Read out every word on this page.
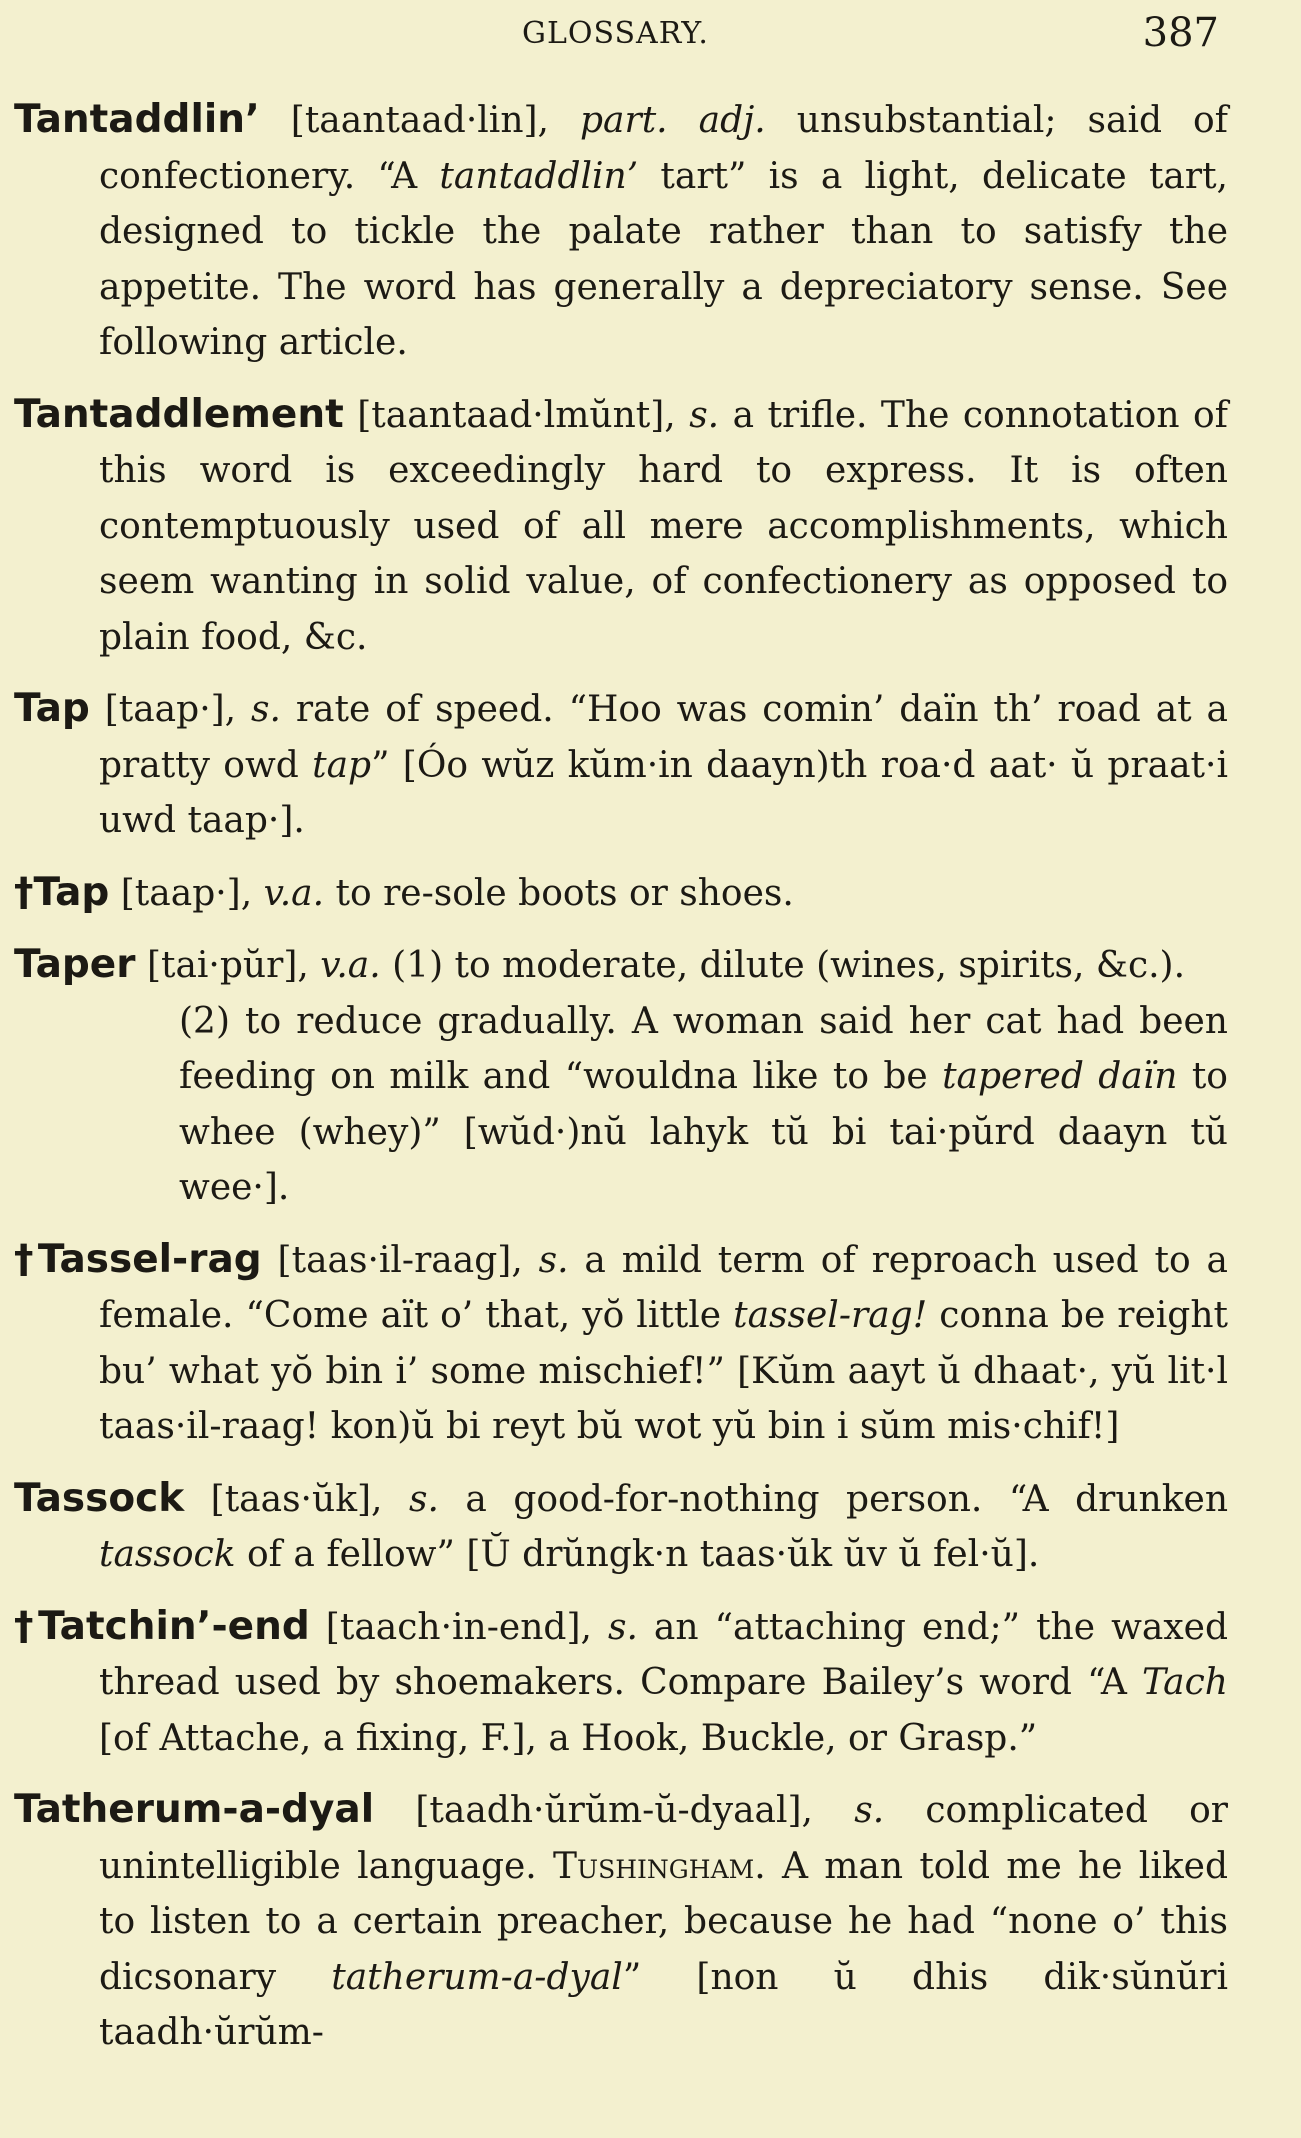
GLOSSARY.	387

Tantaddlin’ [taantaad·lin], part. adj. unsubstantial; said of confectionery. “A tantaddlin’ tart” is a light, delicate tart, designed to tickle the palate rather than to satisfy the appetite. The word has generally a depreciatory sense. See following article.

Tantaddlement [taantaad·lmŭnt], s. a trifle. The connotation of this word is exceedingly hard to express. It is often contemptuously used of all mere accomplishments, which seem wanting in solid value, of confectionery as opposed to plain food, &c.

Tap [taap·], s. rate of speed. “Hoo was comin’ daïn th’ road at a pratty owd tap” [Óo wŭz kŭm·in daayn)th roa·d aat· ŭ praat·i uwd taap·].

†Tap [taap·], v.a. to re-sole boots or shoes.

Taper [tai·pŭr], v.a. (1) to moderate, dilute (wines, spirits, &c.).
(2) to reduce gradually. A woman said her cat had been feeding on milk and “wouldna like to be tapered daïn to whee (whey)” [wŭd·)nŭ lahyk tŭ bi tai·pŭrd daayn tŭ wee·].

†Tassel-rag [taas·il-raag], s. a mild term of reproach used to a female. “Come aït o’ that, yŏ little tassel-rag! conna be reight bu’ what yŏ bin i’ some mischief!” [Kŭm aayt ŭ dhaat·, yŭ lit·l taas·il-raag! kon)ŭ bi reyt bŭ wot yŭ bin i sŭm mis·chif!]

Tassock [taas·ŭk], s. a good-for-nothing person. “A drunken tassock of a fellow” [Ŭ drŭngk·n taas·ŭk ŭv ŭ fel·ŭ].

†Tatchin’-end [taach·in-end], s. an “attaching end;” the waxed thread used by shoemakers. Compare Bailey’s word “A Tach [of Attache, a fixing, F.], a Hook, Buckle, or Grasp.”

Tatherum-a-dyal [taadh·ŭrŭm-ŭ-dyaal], s. complicated or unintelligible language. Tushingham. A man told me he liked to listen to a certain preacher, because he had “none o’ this dicsonary tatherum-a-dyal” [non ŭ dhis dik·sŭnŭri taadh·ŭrŭm-
